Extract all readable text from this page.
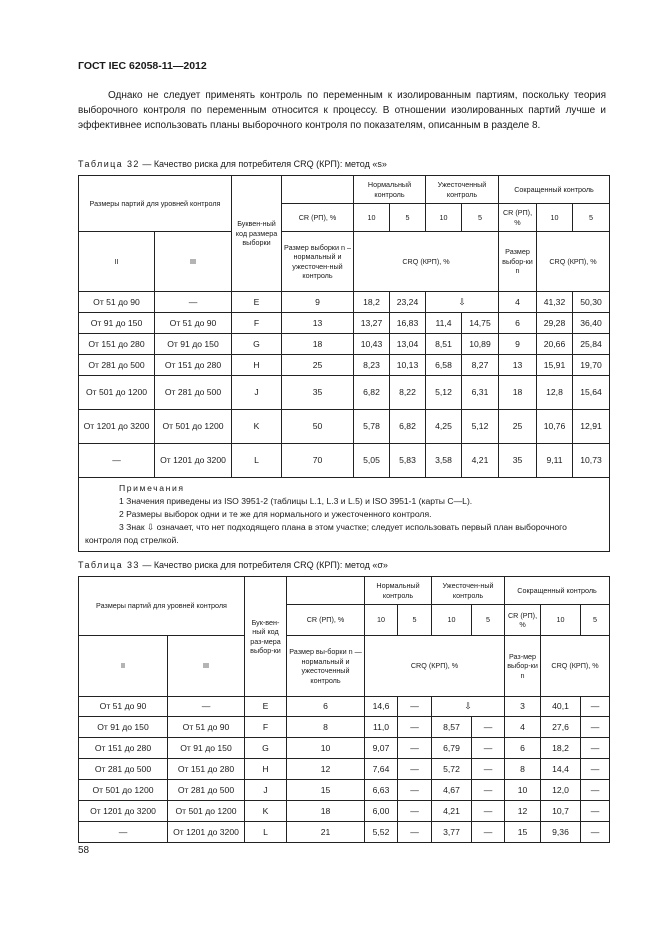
ГОСТ IEC 62058-11—2012

Однако не следует применять контроль по переменным к изолированным партиям, поскольку теория выборочного контроля по переменным относится к процессу. В отношении изолированных партий лучше и эффективнее использовать планы выборочного контроля по показателям, описанным в разделе 8.

Таблица 32 — Качество риска для потребителя CRQ (КРП): метод «s»
Размеры партий для уровней контроля		Буквен-ный код размера выборки		Нормальный контроль		Ужесточенный контроль		Сокращенный контроль		
			CR (РП), %	10	5	10	5	CR (РП), %	10	5
II	III		Размер выборки n – нормальный и ужесточен-ный контроль	CRQ (КРП), %				Размер выбор-ки n	CRQ (КРП), %	
От 51 до 90	—	E	9	18,2	23,24	⇩		4	41,32	50,30
От 91 до 150	От 51 до 90	F	13	13,27	16,83	11,4	14,75	6	29,28	36,40
От 151 до 280	От 91 до 150	G	18	10,43	13,04	8,51	10,89	9	20,66	25,84
От 281 до 500	От 151 до 280	H	25	8,23	10,13	6,58	8,27	13	15,91	19,70
От 501 до 1200	От 281 до 500	J	35	6,82	8,22	5,12	6,31	18	12,8	15,64
От 1201 до 3200	От 501 до 1200	K	50	5,78	6,82	4,25	5,12	25	10,76	12,91
—	От 1201 до 3200	L	70	5,05	5,83	3,58	4,21	35	9,11	10,73

Примечания
1 Значения приведены из ISO 3951-2 (таблицы L.1, L.3 и L.5) и ISO 3951-1 (карты C—L).
2 Размеры выборок одни и те же для нормального и ужесточенного контроля.
3 Знак ⇩ означает, что нет подходящего плана в этом участке; следует использовать первый план выборочного контроля под стрелкой.										
Таблица 33 — Качество риска для потребителя CRQ (КРП): метод «σ»
Размеры партий для уровней контроля		Бук-вен-ный код раз-мера выбор-ки		Нормальный контроль		Ужесточен-ный контроль		Сокращенный контроль		
			CR (РП), %	10	5	10	5	CR (РП), %	10	5
II	III		Размер вы-борки n — нормальный и ужесточенный контроль	CRQ (КРП), %				Раз-мер выбор-ки n	CRQ (КРП), %	
От 51 до 90	—	E	6	14,6	—	⇩		3	40,1	—
От 91 до 150	От 51 до 90	F	8	11,0	—	8,57	—	4	27,6	—
От 151 до 280	От 91 до 150	G	10	9,07	—	6,79	—	6	18,2	—
От 281 до 500	От 151 до 280	H	12	7,64	—	5,72	—	8	14,4	—
От 501 до 1200	От 281 до 500	J	15	6,63	—	4,67	—	10	12,0	—
От 1201 до 3200	От 501 до 1200	K	18	6,00	—	4,21	—	12	10,7	—
—	От 1201 до 3200	L	21	5,52	—	3,77	—	15	9,36	—
58
